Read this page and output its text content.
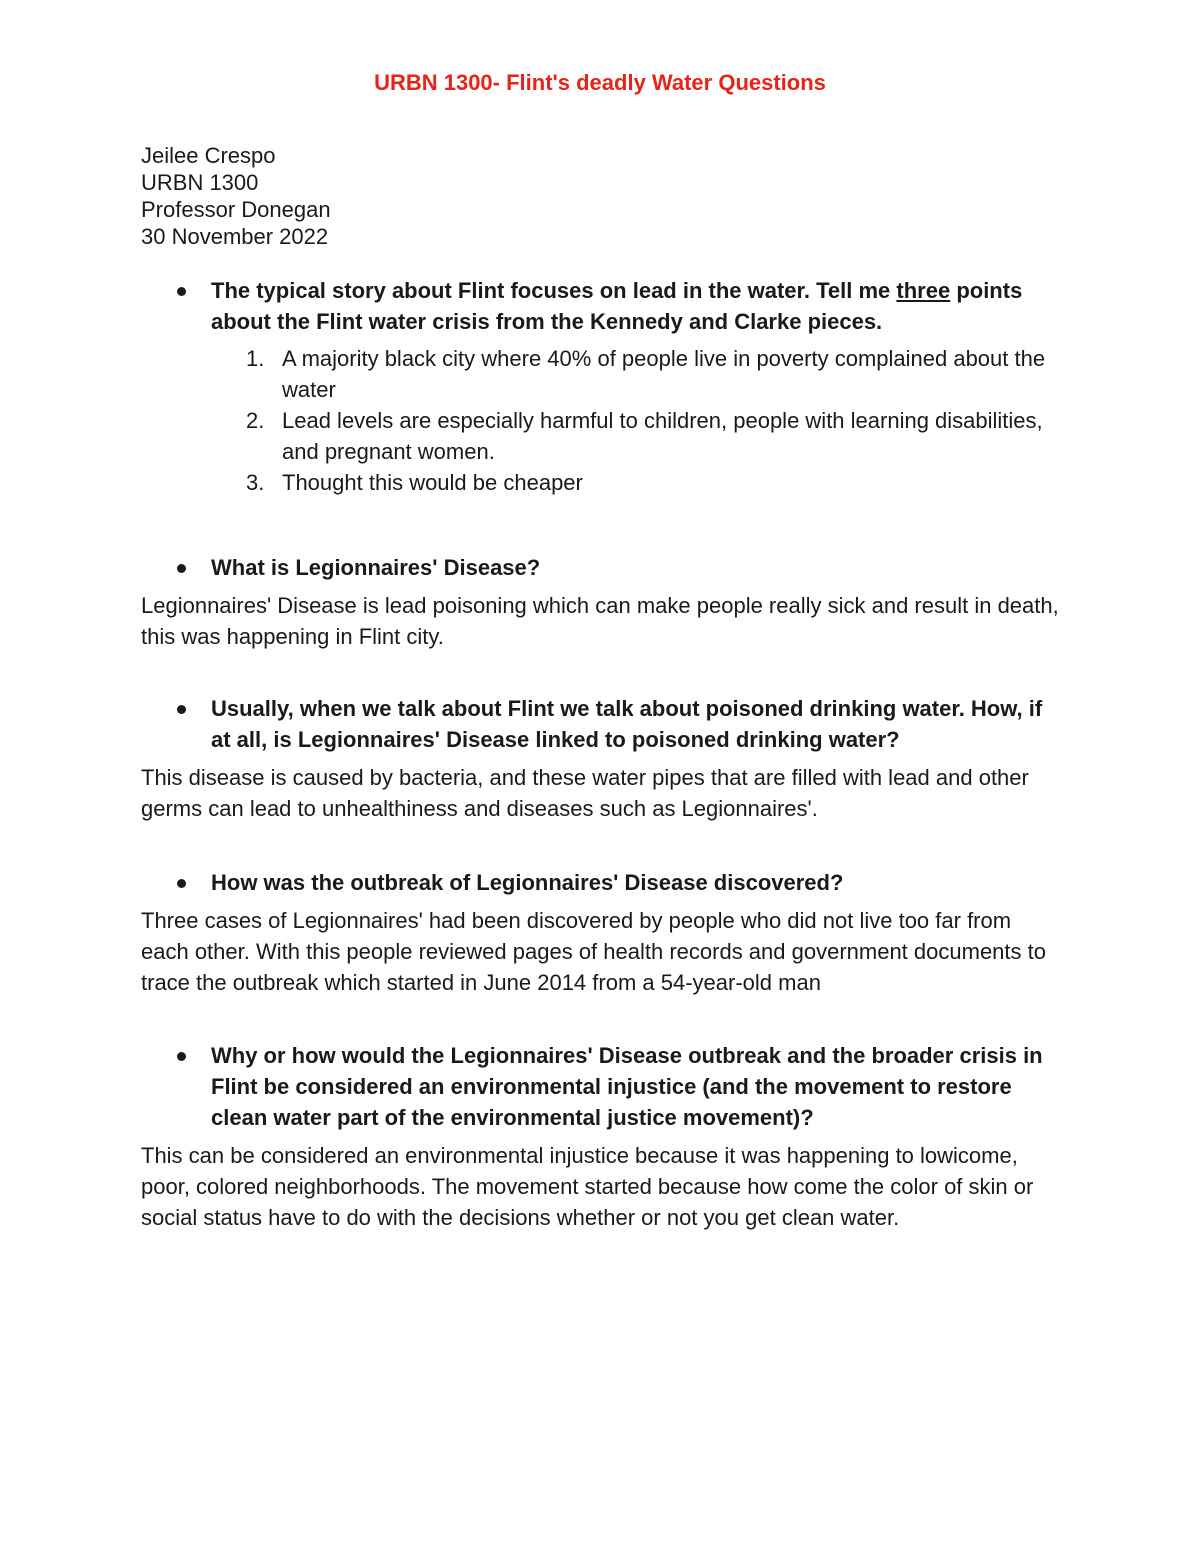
URBN 1300- Flint's deadly Water Questions
Jeilee Crespo
URBN 1300
Professor Donegan
30 November 2022
The typical story about Flint focuses on lead in the water. Tell me three points about the Flint water crisis from the Kennedy and Clarke pieces.
1. A majority black city where 40% of people live in poverty complained about the water
2. Lead levels are especially harmful to children, people with learning disabilities, and pregnant women.
3. Thought this would be cheaper
What is Legionnaires' Disease?
Legionnaires' Disease is lead poisoning which can make people really sick and result in death, this was happening in Flint city.
Usually, when we talk about Flint we talk about poisoned drinking water. How, if at all, is Legionnaires' Disease linked to poisoned drinking water?
This disease is caused by bacteria, and these water pipes that are filled with lead and other germs can lead to unhealthiness and diseases such as Legionnaires'.
How was the outbreak of Legionnaires' Disease discovered?
Three cases of Legionnaires' had been discovered by people who did not live too far from each other. With this people reviewed pages of health records and government documents to trace the outbreak which started in June 2014 from a 54-year-old man
Why or how would the Legionnaires' Disease outbreak and the broader crisis in Flint be considered an environmental injustice (and the movement to restore clean water part of the environmental justice movement)?
This can be considered an environmental injustice because it was happening to lowicome, poor, colored neighborhoods. The movement started because how come the color of skin or social status have to do with the decisions whether or not you get clean water.
